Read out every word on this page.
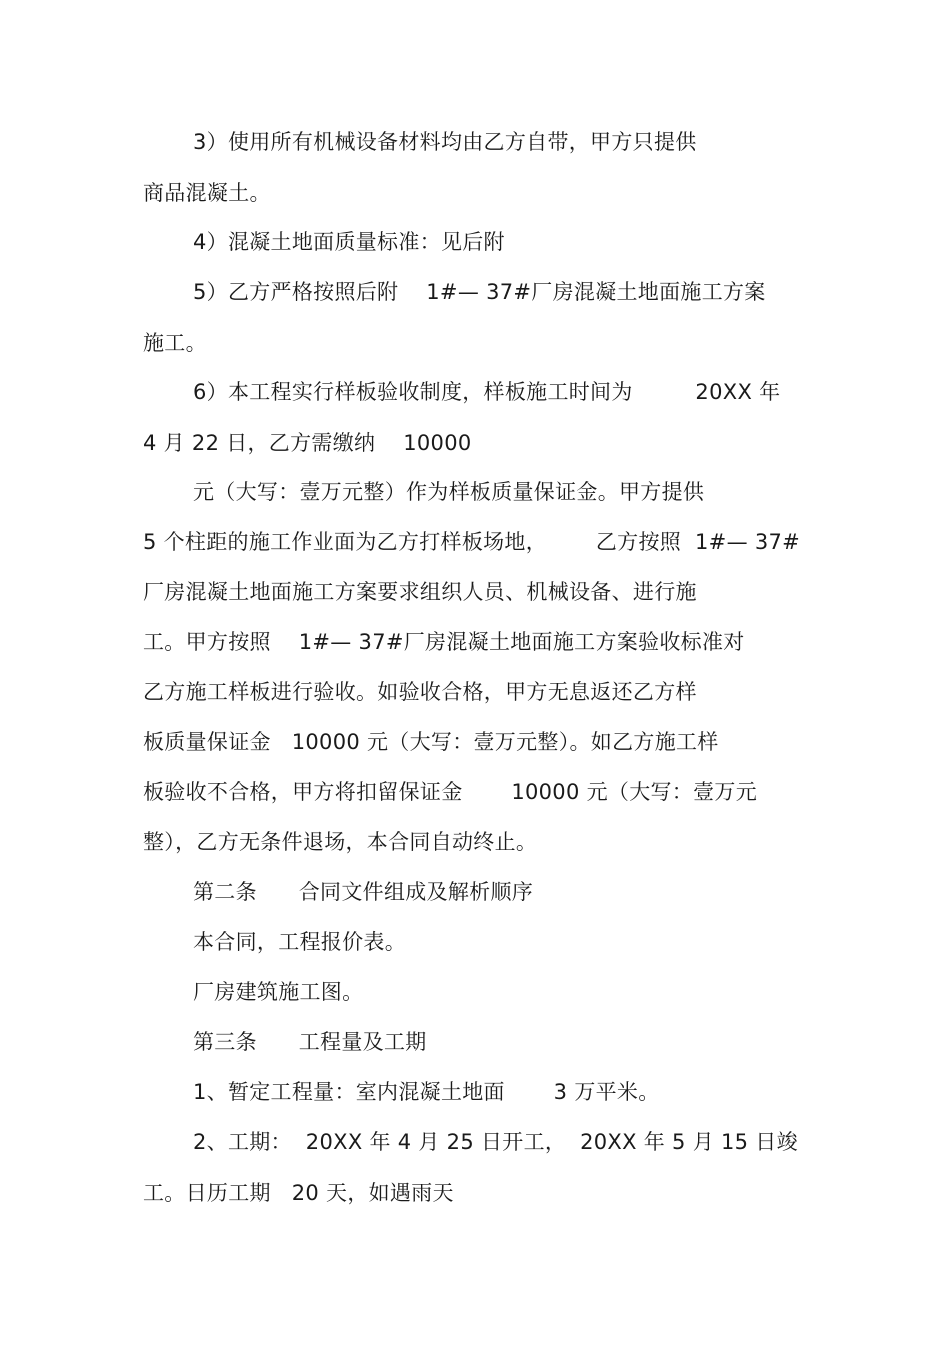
3）使用所有机械设备材料均由乙方自带，甲方只提供
商品混凝土。
4）混凝土地面质量标准：见后附
5）乙方严格按照后附    1#— 37#厂房混凝土地面施工方案
施工。
6）本工程实行样板验收制度，样板施工时间为         20XX 年
4 月 22 日，乙方需缴纳    10000
元（大写：壹万元整）作为样板质量保证金。甲方提供
5 个柱距的施工作业面为乙方打样板场地，       乙方按照  1#— 37#
厂房混凝土地面施工方案要求组织人员、机械设备、进行施
工。甲方按照    1#— 37#厂房混凝土地面施工方案验收标准对
乙方施工样板进行验收。如验收合格，甲方无息返还乙方样
板质量保证金   10000 元（大写：壹万元整）。如乙方施工样
板验收不合格，甲方将扣留保证金       10000 元（大写：壹万元
整），乙方无条件退场，本合同自动终止。
第二条      合同文件组成及解析顺序
本合同，工程报价表。
厂房建筑施工图。
第三条      工程量及工期
1、暂定工程量：室内混凝土地面       3 万平米。
2、工期：  20XX 年 4 月 25 日开工，  20XX 年 5 月 15 日竣
工。日历工期   20 天，如遇雨天
